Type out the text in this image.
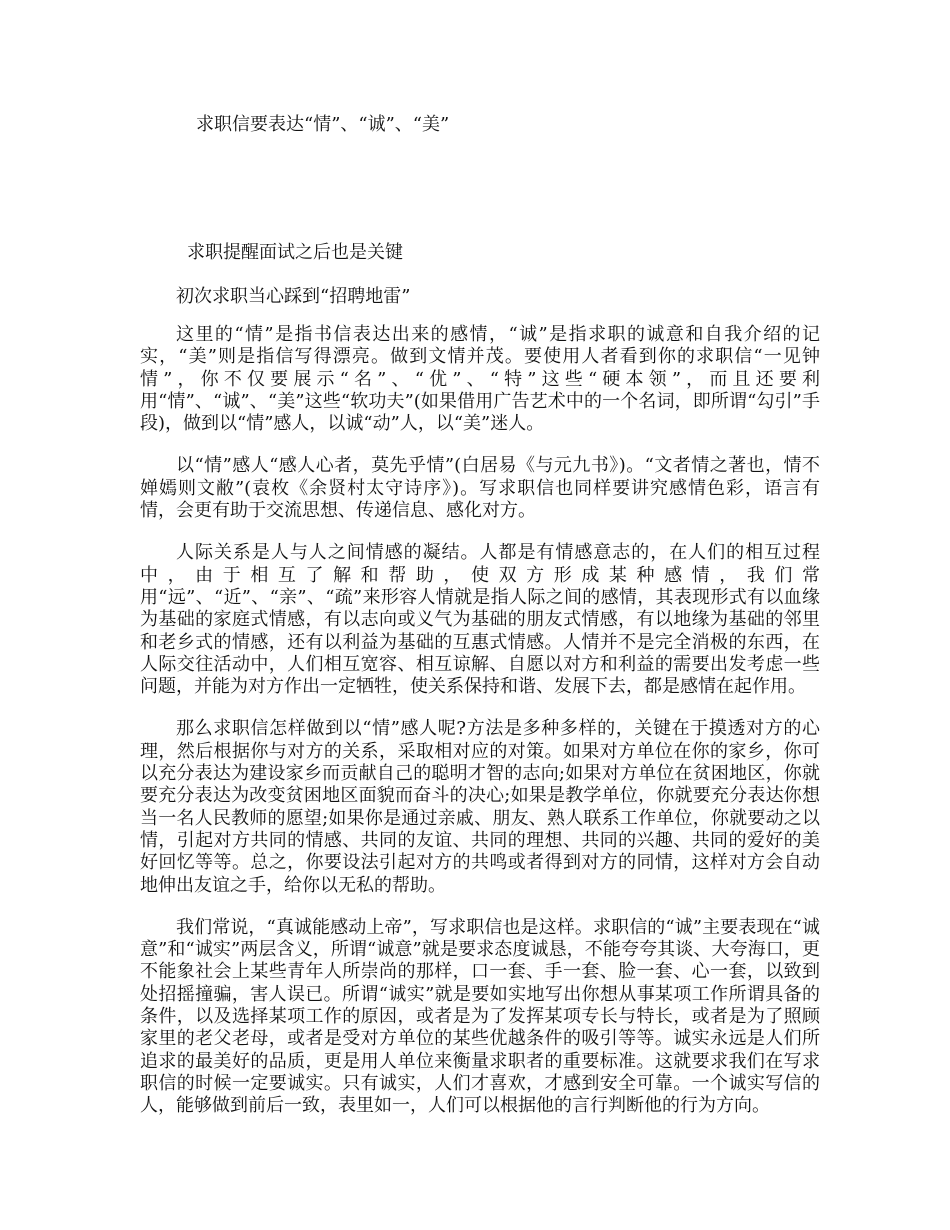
求职信要表达“情”、“诚”、“美”

求职提醒面试之后也是关键

初次求职当心踩到“招聘地雷”

这里的“情”是指书信表达出来的感情，“诚”是指求职的诚意和自我介绍的记实，“美”则是指信写得漂亮。做到文情并茂。要使用人者看到你的求职信“一见钟情”，你不仅要展示“名”、“优”、“特”这些“硬本领”，而且还要利用“情”、“诚”、“美”这些“软功夫”(如果借用广告艺术中的一个名词，即所谓“勾引”手段)，做到以“情”感人，以诚“动”人，以“美”迷人。

以“情”感人“感人心者，莫先乎情”(白居易《与元九书》)。“文者情之著也，情不婵嫣则文敝”(袁枚《余贤村太守诗序》)。写求职信也同样要讲究感情色彩，语言有情，会更有助于交流思想、传递信息、感化对方。

人际关系是人与人之间情感的凝结。人都是有情感意志的，在人们的相互过程中，由于相互了解和帮助，使双方形成某种感情，我们常用“远”、“近”、“亲”、“疏”来形容人情就是指人际之间的感情，其表现形式有以血缘为基础的家庭式情感，有以志向或义气为基础的朋友式情感，有以地缘为基础的邻里和老乡式的情感，还有以利益为基础的互惠式情感。人情并不是完全消极的东西，在人际交往活动中，人们相互宽容、相互谅解、自愿以对方和利益的需要出发考虑一些问题，并能为对方作出一定牺牲，使关系保持和谐、发展下去，都是感情在起作用。

那么求职信怎样做到以“情”感人呢?方法是多种多样的，关键在于摸透对方的心理，然后根据你与对方的关系，采取相对应的对策。如果对方单位在你的家乡，你可以充分表达为建设家乡而贡献自己的聪明才智的志向;如果对方单位在贫困地区，你就要充分表达为改变贫困地区面貌而奋斗的决心;如果是教学单位，你就要充分表达你想当一名人民教师的愿望;如果你是通过亲戚、朋友、熟人联系工作单位，你就要动之以情，引起对方共同的情感、共同的友谊、共同的理想、共同的兴趣、共同的爱好的美好回忆等等。总之，你要设法引起对方的共鸣或者得到对方的同情，这样对方会自动地伸出友谊之手，给你以无私的帮助。

我们常说，“真诚能感动上帝”，写求职信也是这样。求职信的“诚”主要表现在“诚意”和“诚实”两层含义，所谓“诚意”就是要求态度诚恳，不能夸夸其谈、大夸海口，更不能象社会上某些青年人所崇尚的那样，口一套、手一套、脸一套、心一套，以致到处招摇撞骗，害人误已。所谓“诚实”就是要如实地写出你想从事某项工作所谓具备的条件，以及选择某项工作的原因，或者是为了发挥某项专长与特长，或者是为了照顾家里的老父老母，或者是受对方单位的某些优越条件的吸引等等。诚实永远是人们所追求的最美好的品质，更是用人单位来衡量求职者的重要标准。这就要求我们在写求职信的时候一定要诚实。只有诚实，人们才喜欢，才感到安全可靠。一个诚实写信的人，能够做到前后一致，表里如一，人们可以根据他的言行判断他的行为方向。
